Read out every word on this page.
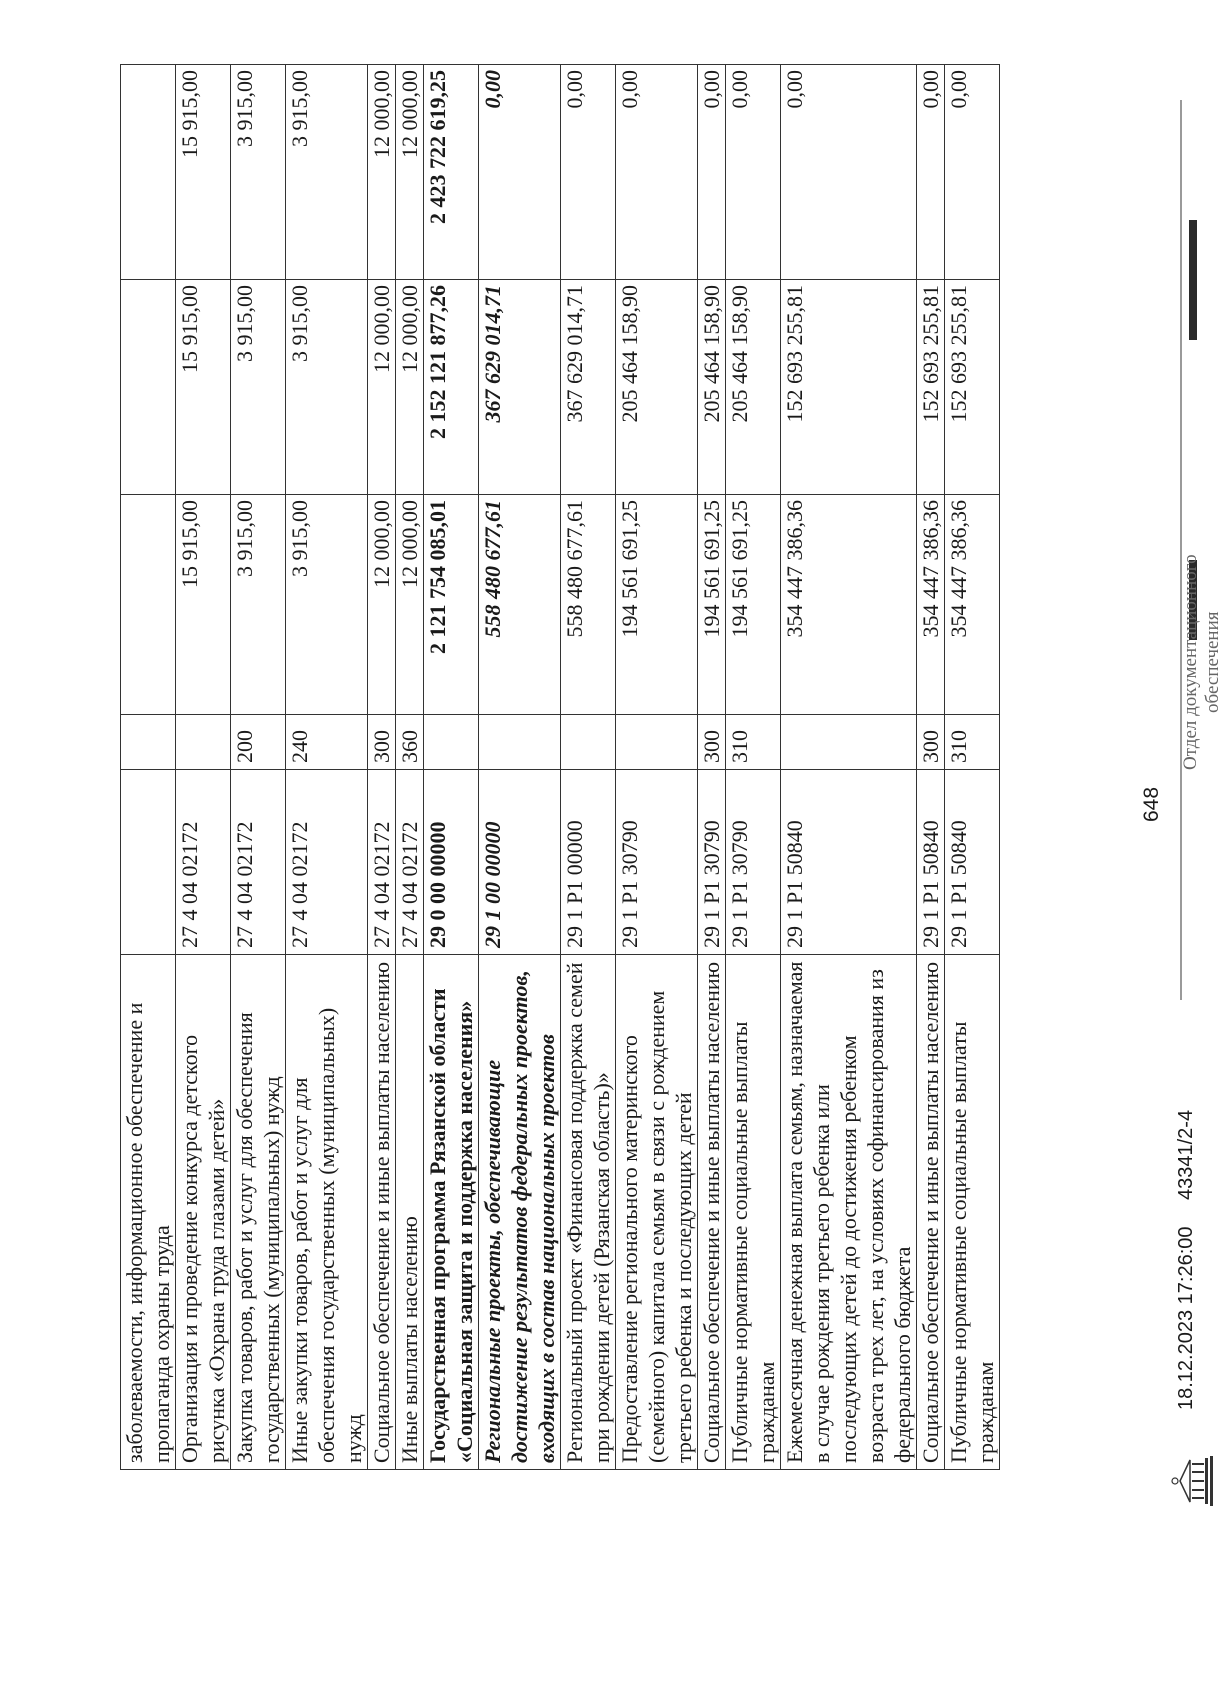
заболеваемости, информационное обеспечение и пропаганда охраны труда					
Организация и проведение конкурса детского рисунка «Охрана труда глазами детей»	27 4 04 02172		15 915,00	15 915,00	15 915,00
Закупка товаров, работ и услуг для обеспечения государственных (муниципальных) нужд	27 4 04 02172	200	3 915,00	3 915,00	3 915,00
Иные закупки товаров, работ и услуг для обеспечения государственных (муниципальных) нужд	27 4 04 02172	240	3 915,00	3 915,00	3 915,00
Социальное обеспечение и иные выплаты населению	27 4 04 02172	300	12 000,00	12 000,00	12 000,00
Иные выплаты населению	27 4 04 02172	360	12 000,00	12 000,00	12 000,00
Государственная программа Рязанской области «Социальная защита и поддержка населения»	29 0 00 00000		2 121 754 085,01	2 152 121 877,26	2 423 722 619,25
Региональные проекты, обеспечивающие достижение результатов федеральных проектов, входящих в состав национальных проектов	29 1 00 00000		558 480 677,61	367 629 014,71	0,00
Региональный проект «Финансовая поддержка семей при рождении детей (Рязанская область)»	29 1 P1 00000		558 480 677,61	367 629 014,71	0,00
Предоставление регионального материнского (семейного) капитала семьям в связи с рождением третьего ребенка и последующих детей	29 1 P1 30790		194 561 691,25	205 464 158,90	0,00
Социальное обеспечение и иные выплаты населению	29 1 P1 30790	300	194 561 691,25	205 464 158,90	0,00
Публичные нормативные социальные выплаты гражданам	29 1 P1 30790	310	194 561 691,25	205 464 158,90	0,00
Ежемесячная денежная выплата семьям, назначаемая в случае рождения третьего ребенка или последующих детей до достижения ребенком возраста трех лет, на условиях софинансирования из федерального бюджета	29 1 P1 50840		354 447 386,36	152 693 255,81	0,00
Социальное обеспечение и иные выплаты населению	29 1 P1 50840	300	354 447 386,36	152 693 255,81	0,00
Публичные нормативные социальные выплаты гражданам	29 1 P1 50840	310	354 447 386,36	152 693 255,81	0,00
648
18.12.2023 17:26:00
43341/2-4
Отдел документационного обеспечения
